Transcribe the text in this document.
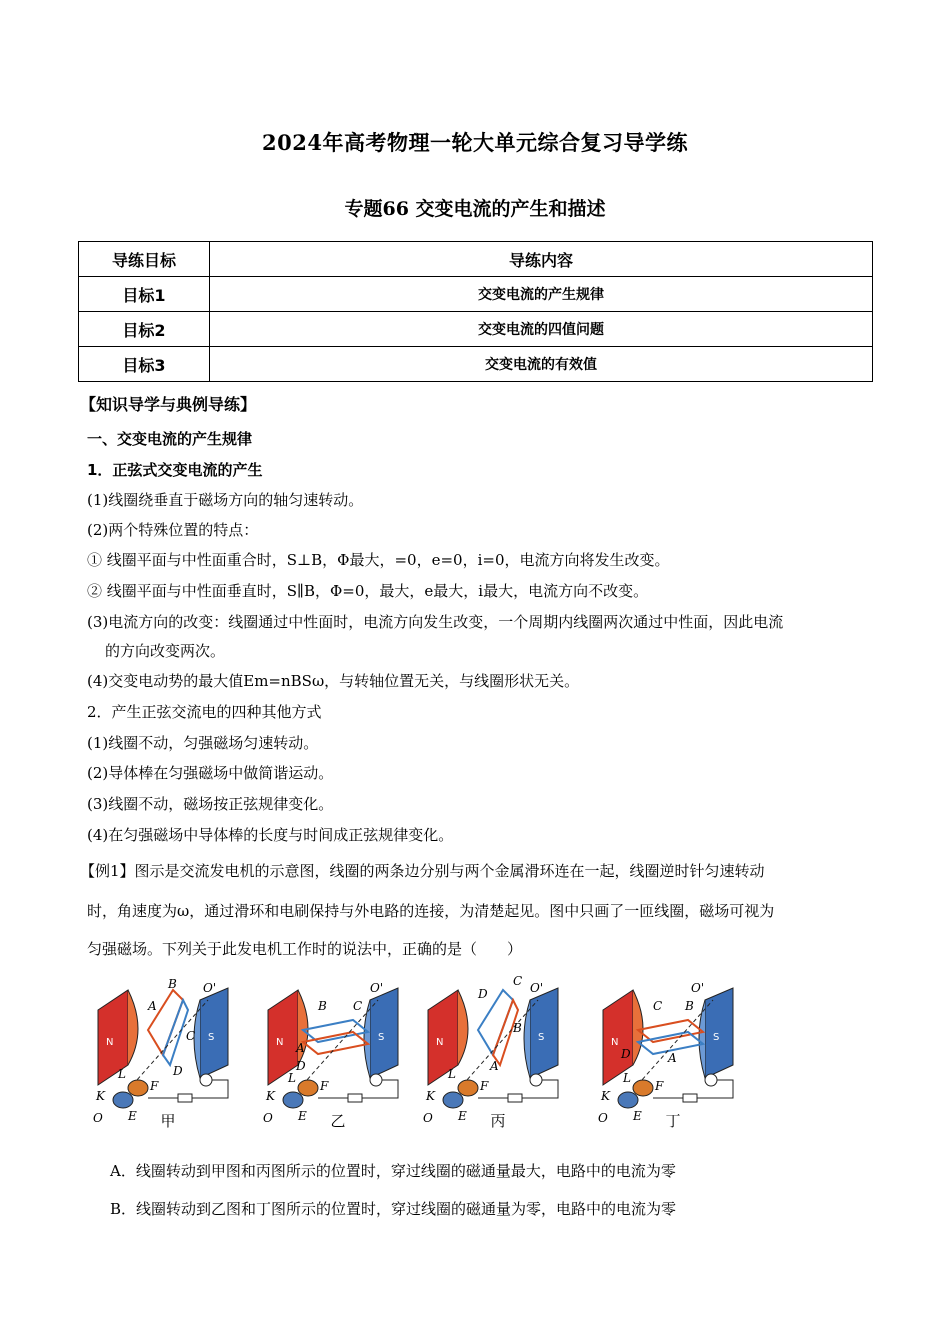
2024年高考物理一轮大单元综合复习导学练
专题66 交变电流的产生和描述
导练目标	导练内容
目标1	交变电流的产生规律
目标2	交变电流的四值问题
目标3	交变电流的有效值
【知识导学与典例导练】
一、交变电流的产生规律
1．正弦式交变电流的产生
(1)线圈绕垂直于磁场方向的轴匀速转动。
(2)两个特殊位置的特点：
① 线圈平面与中性面重合时，S⊥B，Φ最大，=0，e=0，i=0，电流方向将发生改变。
② 线圈平面与中性面垂直时，S∥B，Φ=0，最大，e最大，i最大，电流方向不改变。
(3)电流方向的改变：线圈通过中性面时，电流方向发生改变，一个周期内线圈两次通过中性面，因此电流
的方向改变两次。
(4)交变电动势的最大值Em=nBSω，与转轴位置无关，与线圈形状无关。
2．产生正弦交流电的四种其他方式
(1)线圈不动，匀强磁场匀速转动。
(2)导体棒在匀强磁场中做简谐运动。
(3)线圈不动，磁场按正弦规律变化。
(4)在匀强磁场中导体棒的长度与时间成正弦规律变化。
【例1】图示是交流发电机的示意图，线圈的两条边分别与两个金属滑环连在一起，线圈逆时针匀速转动
时，角速度为ω，通过滑环和电刷保持与外电路的连接，为清楚起见。图中只画了一匝线圈，磁场可视为
匀强磁场。下列关于此发电机工作时的说法中，正确的是（　　）
N	S
B
A
O'
C
D
F
E
K
L
O	甲
N	S
B C
O'
A
D
F
E
K
L
O	乙
N	S
C
D	O'
B
A
F
E
K
L
O	丙
N	S
C B
O'
D	A
F
E
K
L
O	丁
A．线圈转动到甲图和丙图所示的位置时，穿过线圈的磁通量最大，电路中的电流为零
B．线圈转动到乙图和丁图所示的位置时，穿过线圈的磁通量为零，电路中的电流为零
